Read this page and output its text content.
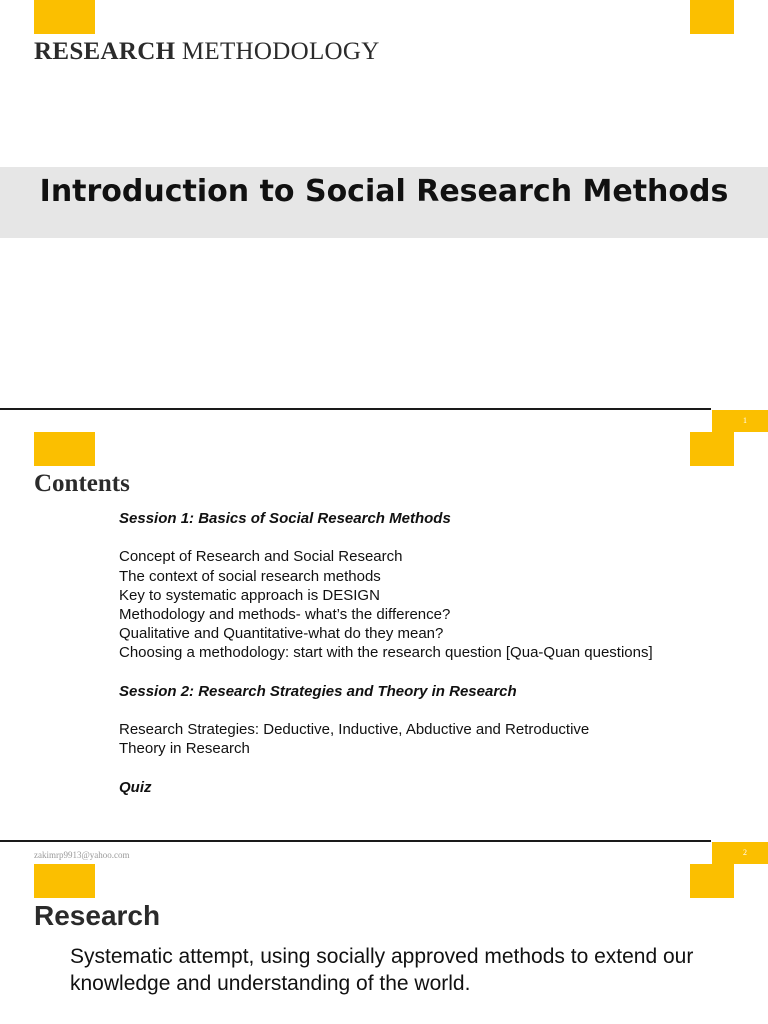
RESEARCH METHODOLOGY
Introduction to Social Research Methods
1
Contents
Session 1: Basics of Social Research Methods
Concept of Research and Social Research
The context of social research methods
Key to systematic approach is DESIGN
Methodology and methods- what’s the difference?
Qualitative and Quantitative-what do they mean?
Choosing a methodology: start with the research question [Qua-Quan questions]
Session 2: Research Strategies and Theory in Research
Research Strategies: Deductive, Inductive, Abductive and Retroductive
Theory in Research
Quiz
2
zakimrp9913@yahoo.com
Research
Systematic attempt, using socially approved methods to extend our knowledge and understanding of the world.
